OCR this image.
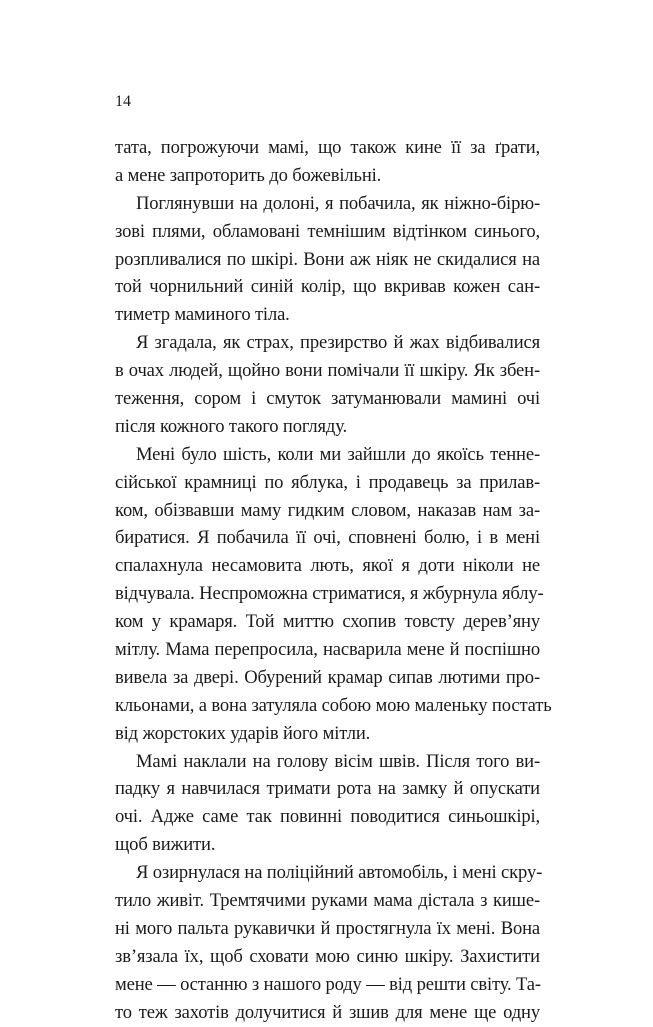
14
тата, погрожуючи мамі, що також кине її за ґрати,
а мене запроторить до божевільні.
Поглянувши на долоні, я побачила, як ніжно-бірю-
зові плями, обламовані темнішим відтінком синього,
розпливалися по шкірі. Вони аж ніяк не скидалися на
той чорнильний синій колір, що вкривав кожен сан-
тиметр маминого тіла.
Я згадала, як страх, презирство й жах відбивалися
в очах людей, щойно вони помічали її шкіру. Як збен-
теження, сором і смуток затуманювали мамині очі
після кожного такого погляду.
Мені було шість, коли ми зайшли до якоїсь теннe-
сійської крамниці по яблука, і продавець за прилав-
ком, обізвавши маму гидким словом, наказав нам за-
биратися. Я побачила її очі, сповнені болю, і в мені
спалахнула несамовита лють, якої я доти ніколи не
відчувала. Неспроможна стриматися, я жбурнула яблу-
ком у крамаря. Той миттю схопив товсту дерев’яну
мітлу. Мама перепросила, насварила мене й поспішно
вивела за двері. Обурений крамар сипав лютими про-
кльонами, а вона затуляла собою мою маленьку постать
від жорстоких ударів його мітли.
Мамі наклали на голову вісім швів. Після того ви-
падку я навчилася тримати рота на замку й опускати
очі. Адже саме так повинні поводитися синьошкірі,
щоб вижити.
Я озирнулася на поліційний автомобіль, і мені скру-
тило живіт. Тремтячими руками мама дістала з кише-
ні мого пальта рукавички й простягнула їх мені. Вона
зв’язала їх, щоб сховати мою синю шкіру. Захистити
мене — останню з нашого роду — від решти світу. Та-
то теж захотів долучитися й зшив для мене ще одну
